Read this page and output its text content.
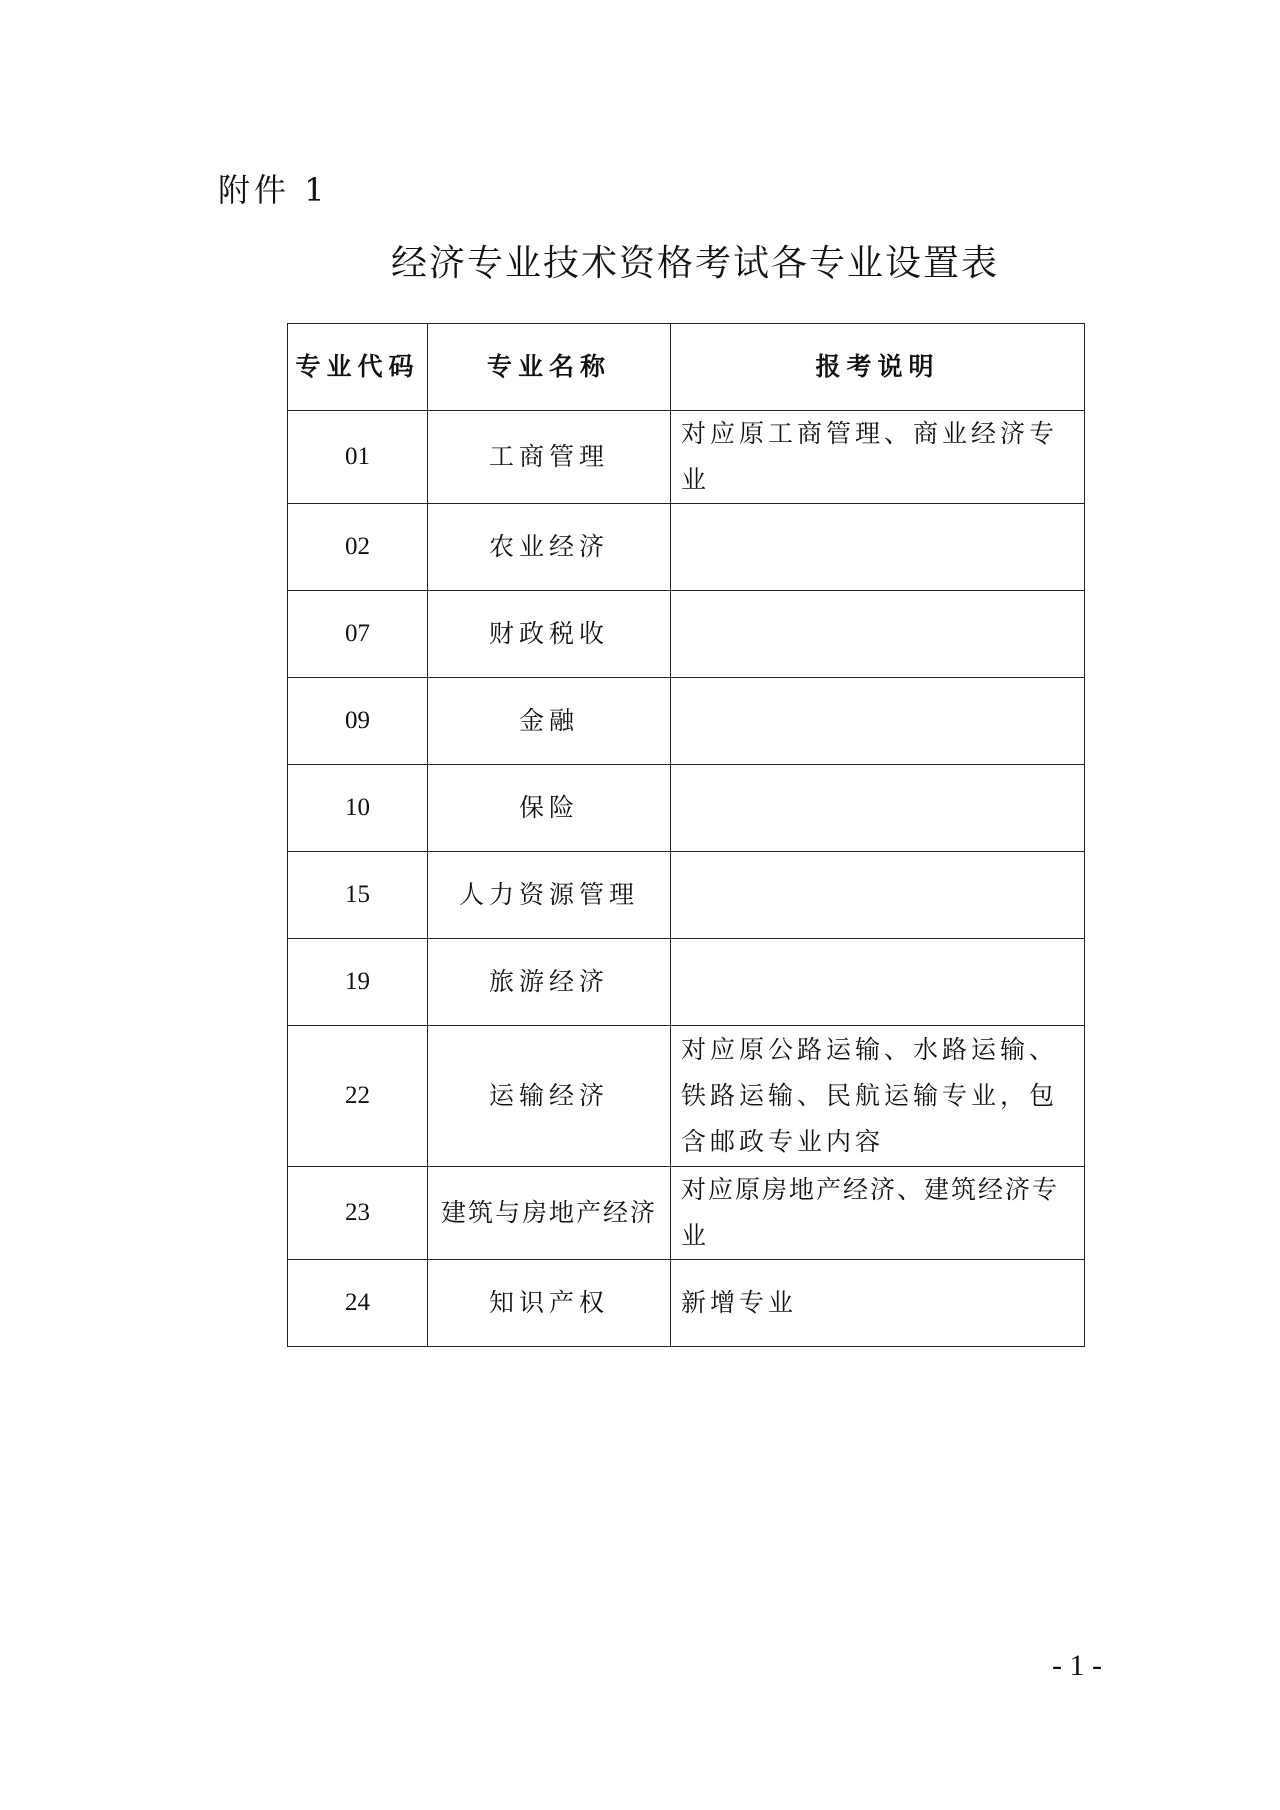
附件 1
经济专业技术资格考试各专业设置表
专业代码	专业名称	报考说明
01	工商管理	对应原工商管理、商业经济专业
02	农业经济	
07	财政税收	
09	金融	
10	保险	
15	人力资源管理	
19	旅游经济	
22	运输经济	对应原公路运输、水路运输、铁路运输、民航运输专业，包含邮政专业内容
23	建筑与房地产经济	对应原房地产经济、建筑经济专业
24	知识产权	新增专业
- 1 -
